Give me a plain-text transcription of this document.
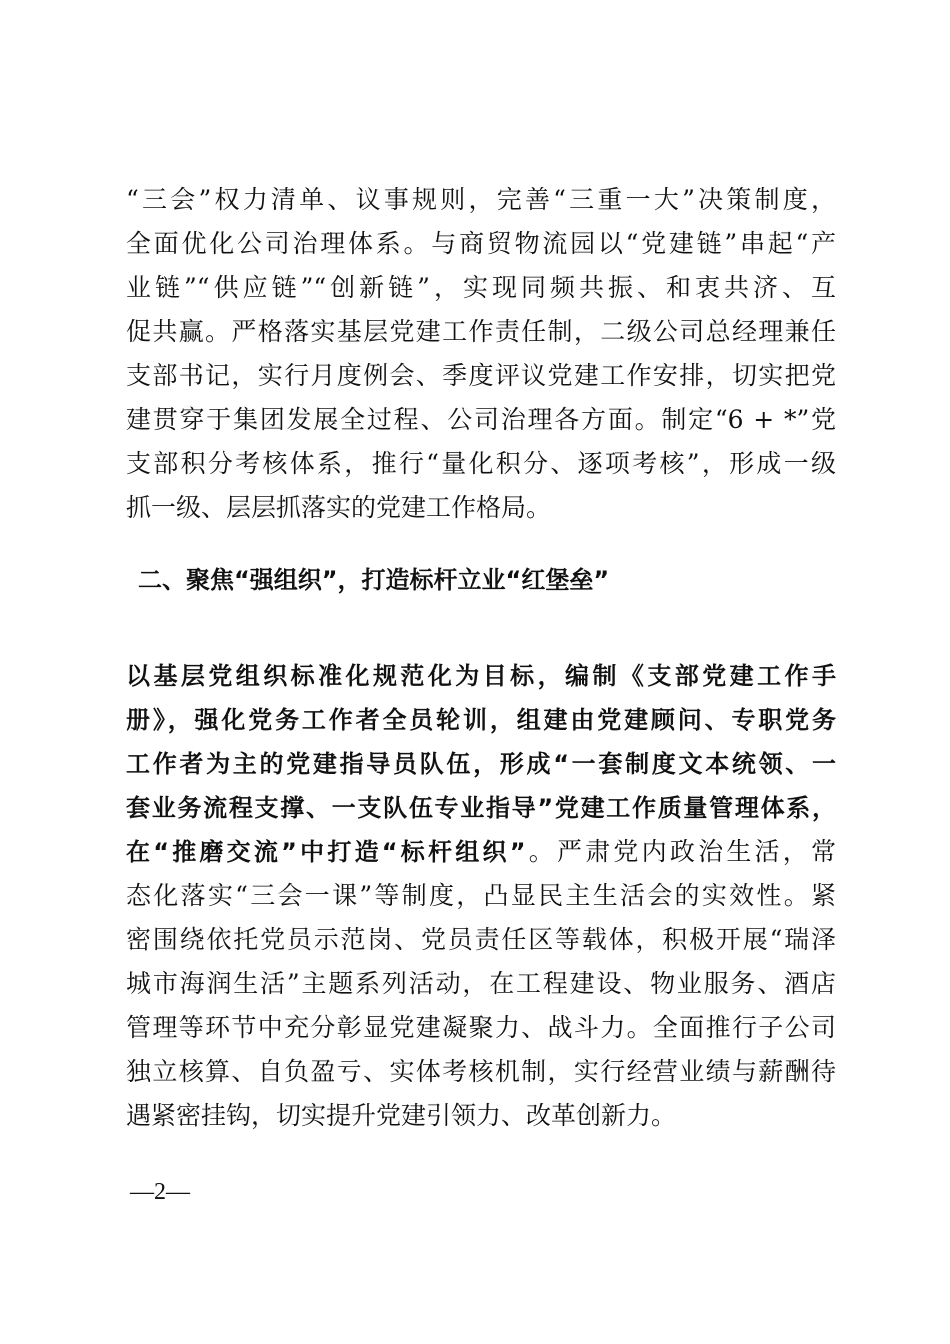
“三会”权力清单、议事规则，完善“三重一大”决策制度，
全面优化公司治理体系。与商贸物流园以“党建链”串起“产
业链”“供应链”“创新链”，实现同频共振、和衷共济、互
促共赢。严格落实基层党建工作责任制，二级公司总经理兼任
支部书记，实行月度例会、季度评议党建工作安排，切实把党
建贯穿于集团发展全过程、公司治理各方面。制定“6 + *”党
支部积分考核体系，推行“量化积分、逐项考核”，形成一级
抓一级、层层抓落实的党建工作格局。
二、聚焦“强组织”，打造标杆立业“红堡垒”
以基层党组织标准化规范化为目标，编制《支部党建工作手
册》，强化党务工作者全员轮训，组建由党建顾问、专职党务
工作者为主的党建指导员队伍，形成“一套制度文本统领、一
套业务流程支撑、一支队伍专业指导”党建工作质量管理体系，
在“推磨交流”中打造“标杆组织”。严肃党内政治生活，常
态化落实“三会一课”等制度，凸显民主生活会的实效性。紧
密围绕依托党员示范岗、党员责任区等载体，积极开展“瑞泽
城市海润生活”主题系列活动，在工程建设、物业服务、酒店
管理等环节中充分彰显党建凝聚力、战斗力。全面推行子公司
独立核算、自负盈亏、实体考核机制，实行经营业绩与薪酬待
遇紧密挂钩，切实提升党建引领力、改革创新力。
—2—
